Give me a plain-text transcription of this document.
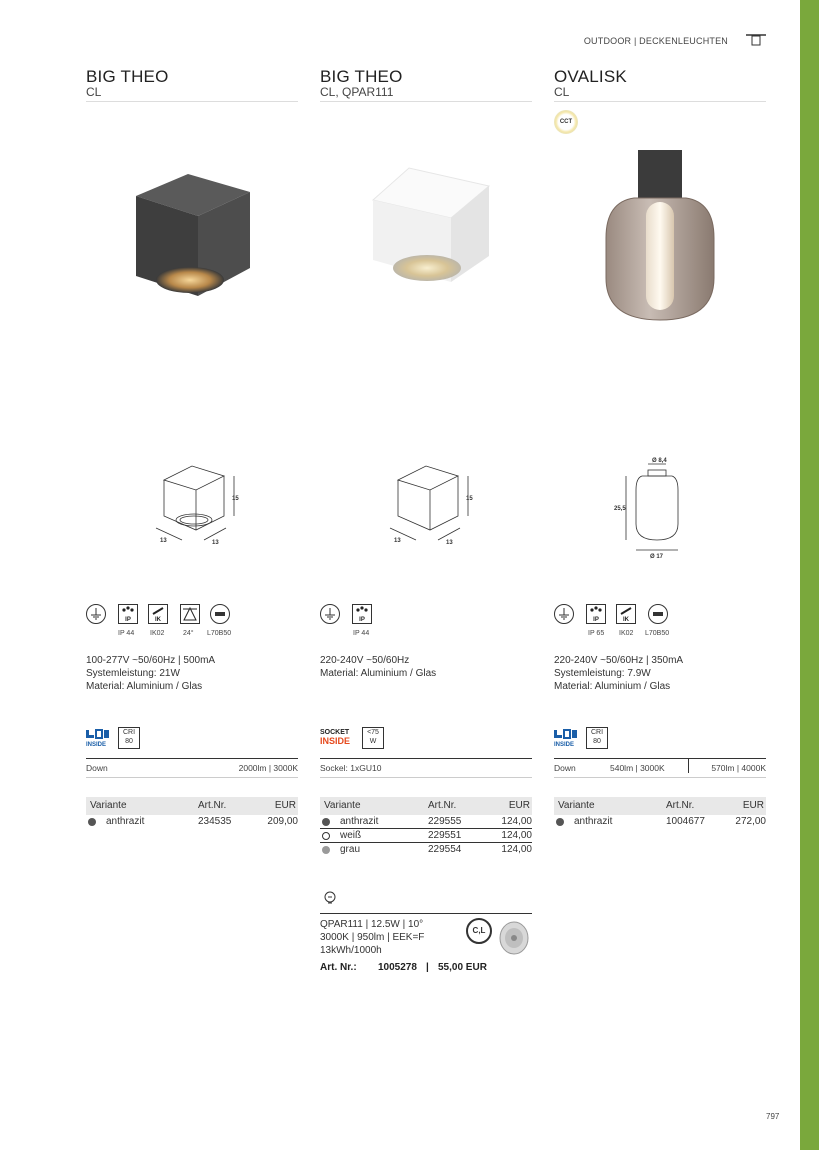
OUTDOOR | DECKENLEUCHTEN
BIG THEO
CL
15
13	13
IP
IP 44
IK
IK02	24° L70B50
100-277V ~50/60Hz | 500mA
Systemleistung: 21W
Material: Aluminium / Glas
INSIDE
CRI
80
Down	2000lm | 3000K
Variante	Art.Nr.	EUR
anthrazit	234535	209,00
BIG THEO
CL, QPAR111
15
13	13
IP
IP 44
220-240V ~50/60Hz
Material: Aluminium / Glas
SOCKET
INSIDE
<75
W
Sockel: 1xGU10
Variante	Art.Nr.	EUR
anthrazit	229555	124,00
weiß	229551	124,00
grau	229554	124,00
QPAR111 | 12.5W | 10°
3000K | 950lm | EEK=F
13kWh/1000h
C,L
Art. Nr.: 1005278 | 55,00 EUR
OVALISK
CL
CCT
Ø 8,4
25,5
Ø 17
IP
IP 65
IK
IK02 L70B50
220-240V ~50/60Hz | 350mA
Systemleistung: 7.9W
Material: Aluminium / Glas
INSIDE
CRI
80
Down	540lm | 3000K	570lm | 4000K
Variante	Art.Nr.	EUR
anthrazit	1004677	272,00
797
